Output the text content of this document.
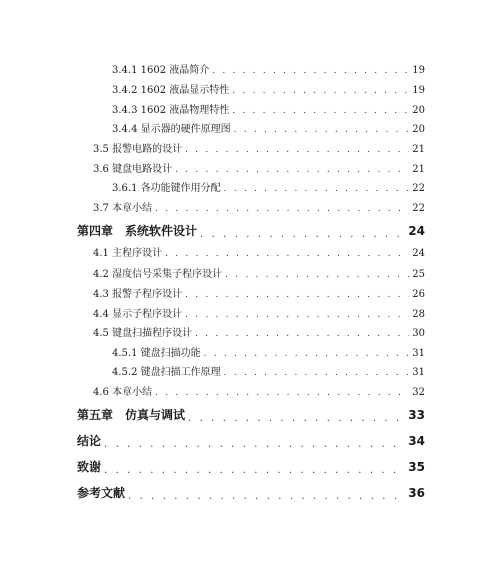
3.4.1 1602 液晶简介 . . .	19
3.4.2 1602 液晶显示特性 . . .	19
3.4.3 1602 液晶物理特性 . . .	20
3.4.4 显示器的硬件原理图 . . .	20
3.5 报警电路的设计 . . .	21
3.6 键盘电路设计 . . .	21
3.6.1 各功能键作用分配 . . .	22
3.7 本章小结 . . .	22
第四章　系统软件设计 . . .	24
4.1 主程序设计 . . .	24
4.2 湿度信号采集子程序设计 . . .	25
4.3 报警子程序设计 . . .	26
4.4 显示子程序设计 . . .	28
4.5 键盘扫描程序设计 . . .	30
4.5.1 键盘扫描功能 . . .	31
4.5.2 键盘扫描工作原理 . . .	31
4.6 本章小结 . . .	32
第五章　仿真与调试 . . .	33
结论 . . .	34
致谢 . . .	35
参考文献 . . .	36
